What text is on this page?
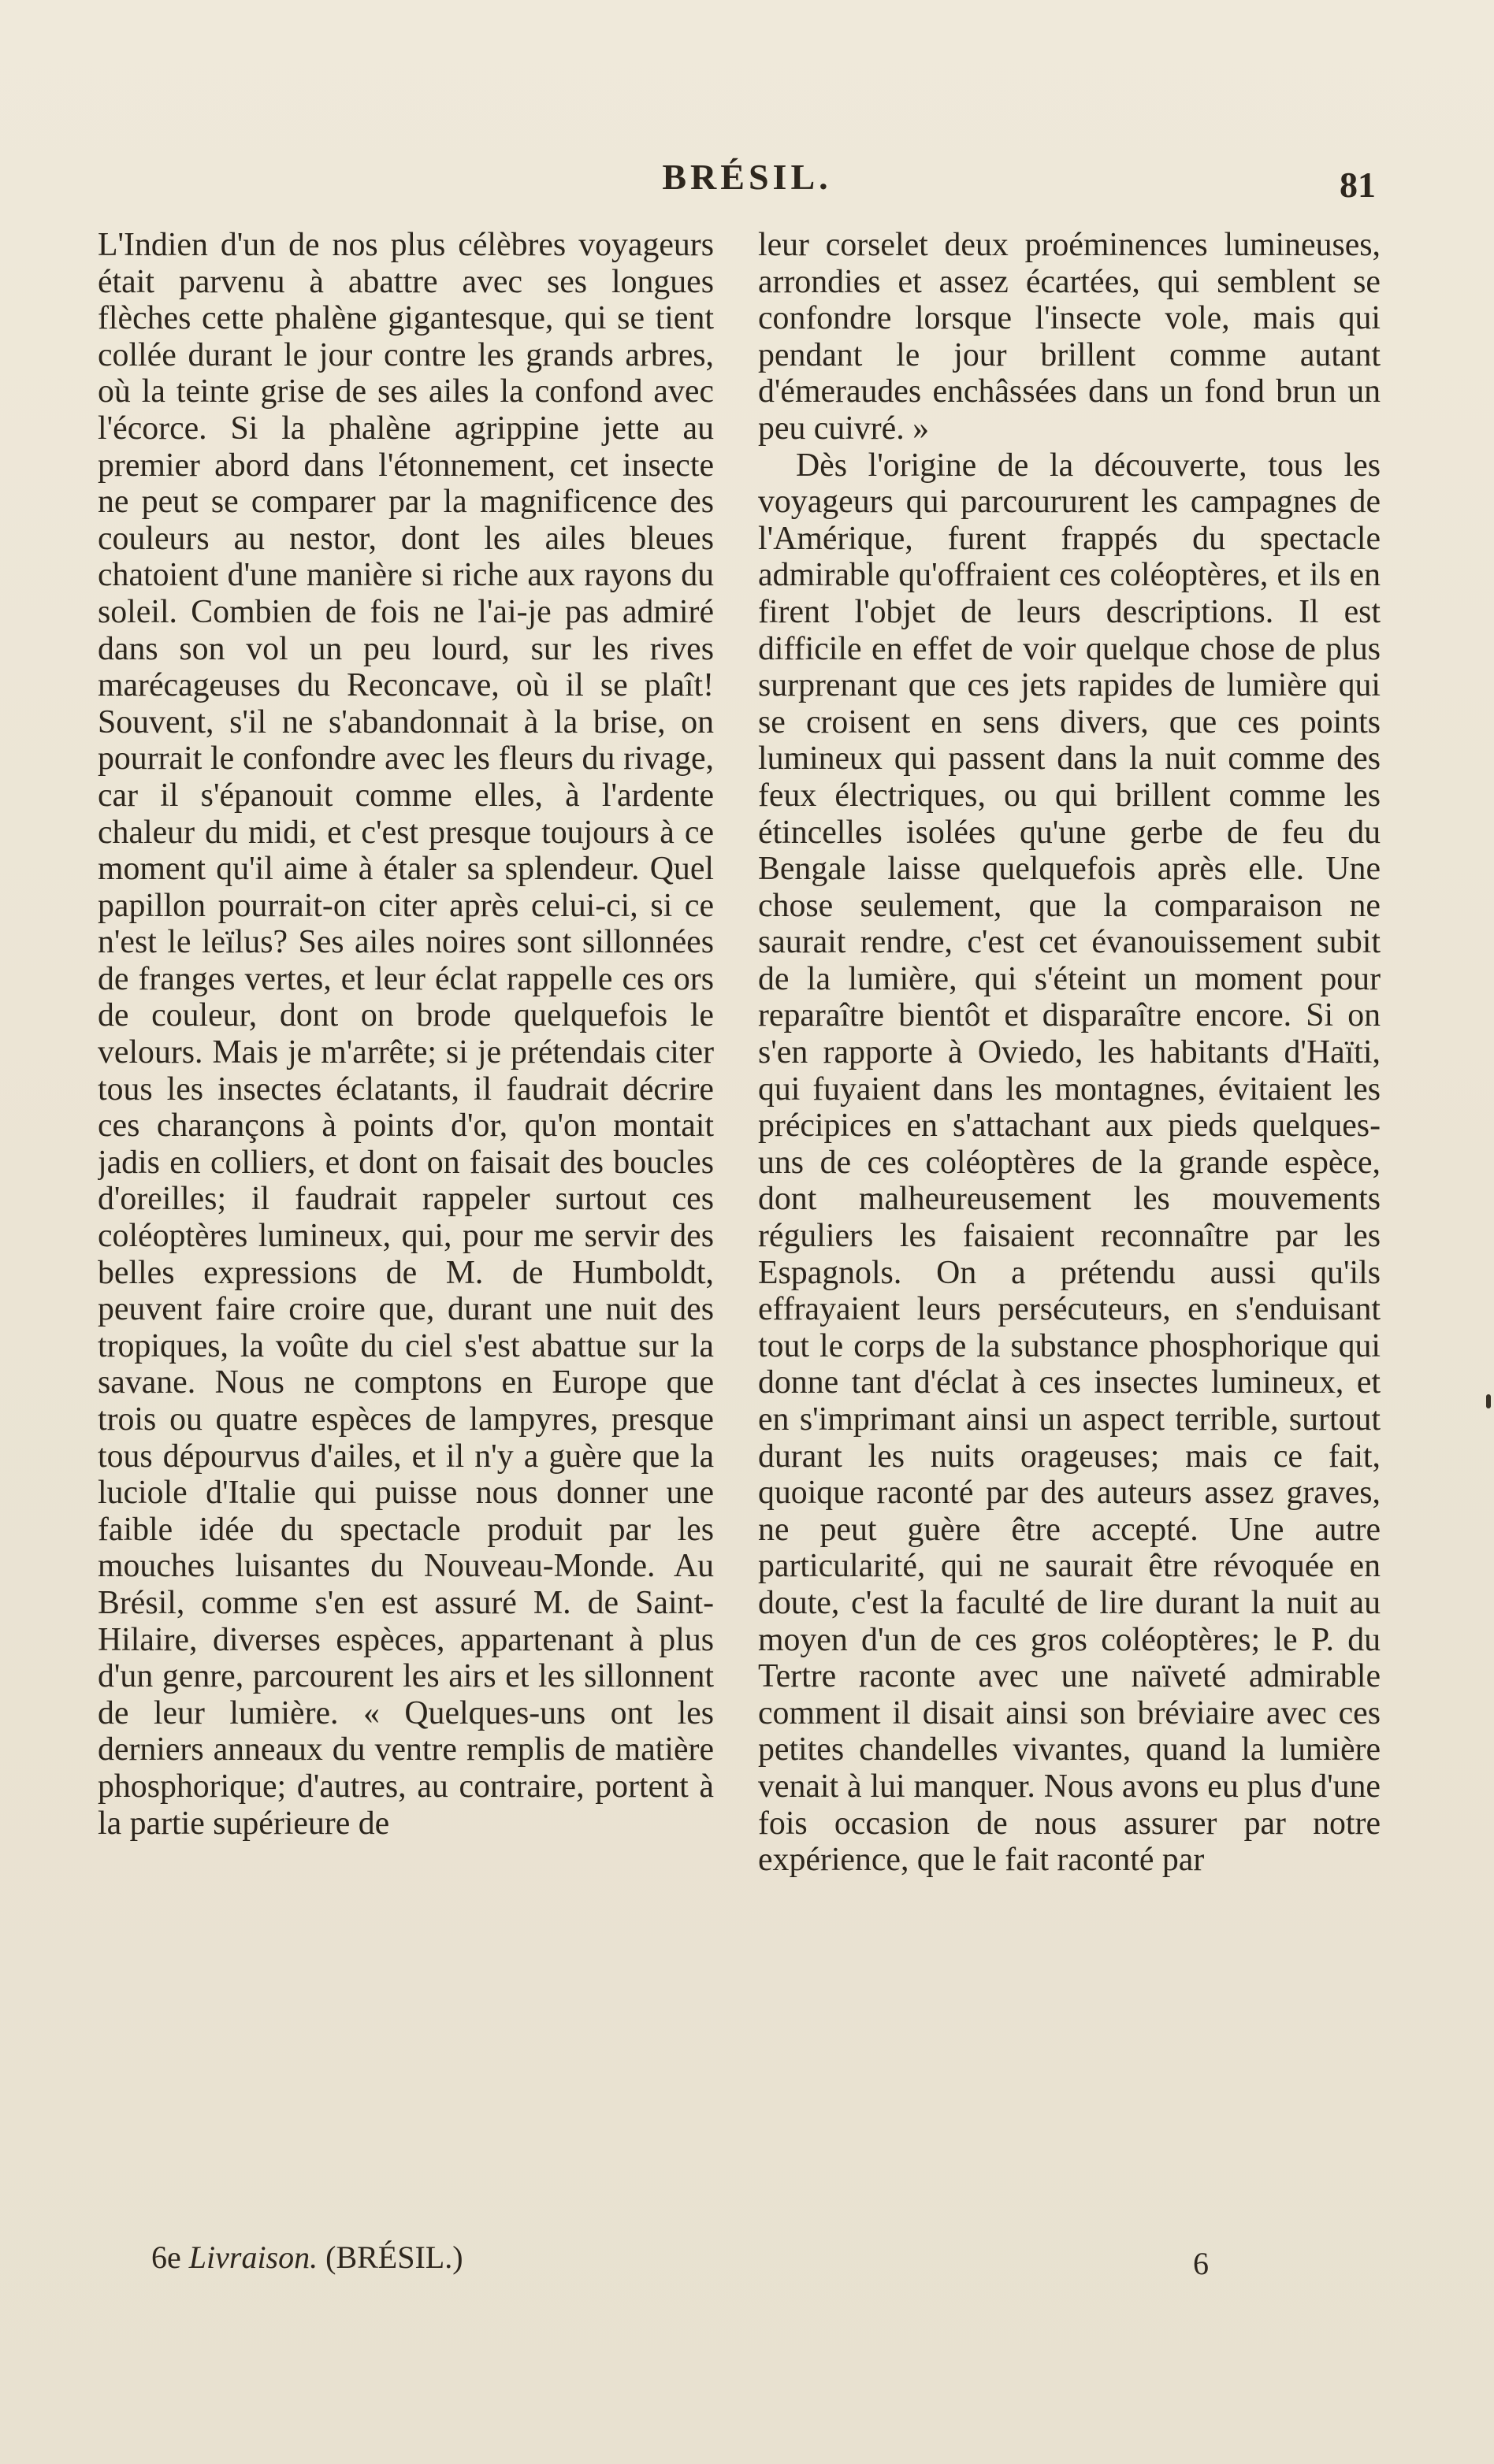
BRÉSIL.	81

L'Indien d'un de nos plus célèbres voyageurs était parvenu à abattre avec ses longues flèches cette phalène gigantesque, qui se tient collée durant le jour contre les grands arbres, où la teinte grise de ses ailes la confond avec l'écorce. Si la phalène agrippine jette au premier abord dans l'étonnement, cet insecte ne peut se comparer par la magnificence des couleurs au nestor, dont les ailes bleues chatoient d'une manière si riche aux rayons du soleil. Combien de fois ne l'ai-je pas admiré dans son vol un peu lourd, sur les rives marécageuses du Reconcave, où il se plaît! Souvent, s'il ne s'abandonnait à la brise, on pourrait le confondre avec les fleurs du rivage, car il s'épanouit comme elles, à l'ardente chaleur du midi, et c'est presque toujours à ce moment qu'il aime à étaler sa splendeur. Quel papillon pourrait-on citer après celui-ci, si ce n'est le leïlus? Ses ailes noires sont sillonnées de franges vertes, et leur éclat rappelle ces ors de couleur, dont on brode quelquefois le velours. Mais je m'arrête; si je prétendais citer tous les insectes éclatants, il faudrait décrire ces charançons à points d'or, qu'on montait jadis en colliers, et dont on faisait des boucles d'oreilles; il faudrait rappeler surtout ces coléoptères lumineux, qui, pour me servir des belles expressions de M. de Humboldt, peuvent faire croire que, durant une nuit des tropiques, la voûte du ciel s'est abattue sur la savane. Nous ne comptons en Europe que trois ou quatre espèces de lampyres, presque tous dépourvus d'ailes, et il n'y a guère que la luciole d'Italie qui puisse nous donner une faible idée du spectacle produit par les mouches luisantes du Nouveau-Monde. Au Brésil, comme s'en est assuré M. de Saint-Hilaire, diverses espèces, appartenant à plus d'un genre, parcourent les airs et les sillonnent de leur lumière. « Quelques-uns ont les derniers anneaux du ventre remplis de matière phosphorique; d'autres, au contraire, portent à la partie supérieure de

leur corselet deux proéminences lumineuses, arrondies et assez écartées, qui semblent se confondre lorsque l'insecte vole, mais qui pendant le jour brillent comme autant d'émeraudes enchâssées dans un fond brun un peu cuivré. »

Dès l'origine de la découverte, tous les voyageurs qui parcoururent les campagnes de l'Amérique, furent frappés du spectacle admirable qu'offraient ces coléoptères, et ils en firent l'objet de leurs descriptions. Il est difficile en effet de voir quelque chose de plus surprenant que ces jets rapides de lumière qui se croisent en sens divers, que ces points lumineux qui passent dans la nuit comme des feux électriques, ou qui brillent comme les étincelles isolées qu'une gerbe de feu du Bengale laisse quelquefois après elle. Une chose seulement, que la comparaison ne saurait rendre, c'est cet évanouissement subit de la lumière, qui s'éteint un moment pour reparaître bientôt et disparaître encore. Si on s'en rapporte à Oviedo, les habitants d'Haïti, qui fuyaient dans les montagnes, évitaient les précipices en s'attachant aux pieds quelques-uns de ces coléoptères de la grande espèce, dont malheureusement les mouvements réguliers les faisaient reconnaître par les Espagnols. On a prétendu aussi qu'ils effrayaient leurs persécuteurs, en s'enduisant tout le corps de la substance phosphorique qui donne tant d'éclat à ces insectes lumineux, et en s'imprimant ainsi un aspect terrible, surtout durant les nuits orageuses; mais ce fait, quoique raconté par des auteurs assez graves, ne peut guère être accepté. Une autre particularité, qui ne saurait être révoquée en doute, c'est la faculté de lire durant la nuit au moyen d'un de ces gros coléoptères; le P. du Tertre raconte avec une naïveté admirable comment il disait ainsi son bréviaire avec ces petites chandelles vivantes, quand la lumière venait à lui manquer. Nous avons eu plus d'une fois occasion de nous assurer par notre expérience, que le fait raconté par

6e Livraison. (BRÉSIL.)	6
